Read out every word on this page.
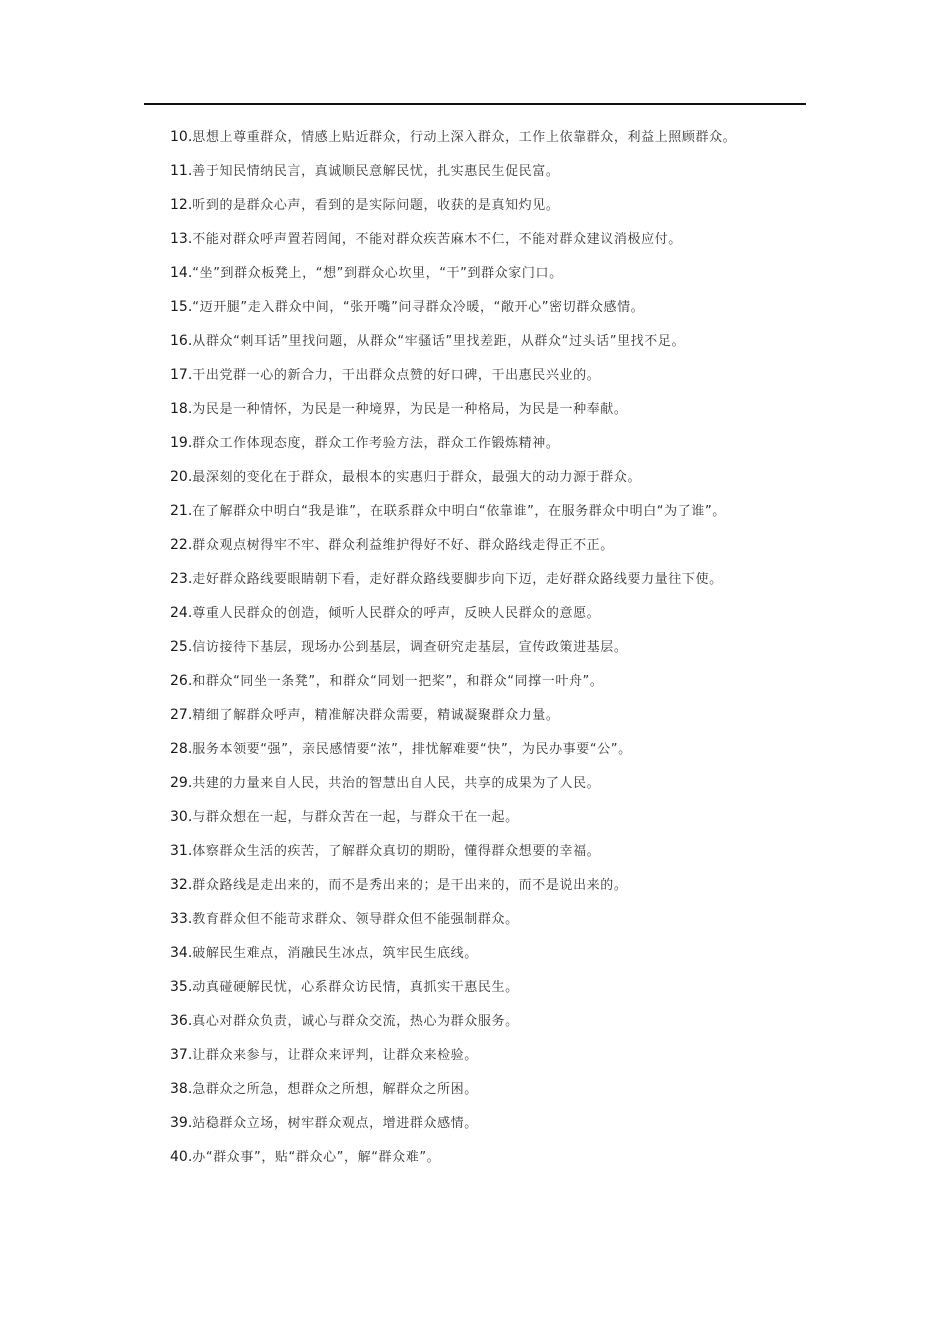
10.思想上尊重群众，情感上贴近群众，行动上深入群众，工作上依靠群众，利益上照顾群众。
11.善于知民情纳民言，真诚顺民意解民忧，扎实惠民生促民富。
12.听到的是群众心声，看到的是实际问题，收获的是真知灼见。
13.不能对群众呼声置若罔闻，不能对群众疾苦麻木不仁，不能对群众建议消极应付。
14.“坐”到群众板凳上，“想”到群众心坎里，“干”到群众家门口。
15.“迈开腿”走入群众中间，“张开嘴”问寻群众冷暖，“敞开心”密切群众感情。
16.从群众“刺耳话”里找问题，从群众“牢骚话”里找差距，从群众“过头话”里找不足。
17.干出党群一心的新合力，干出群众点赞的好口碑，干出惠民兴业的。
18.为民是一种情怀，为民是一种境界，为民是一种格局，为民是一种奉献。
19.群众工作体现态度，群众工作考验方法，群众工作锻炼精神。
20.最深刻的变化在于群众，最根本的实惠归于群众，最强大的动力源于群众。
21.在了解群众中明白“我是谁”，在联系群众中明白“依靠谁”，在服务群众中明白“为了谁”。
22.群众观点树得牢不牢、群众利益维护得好不好、群众路线走得正不正。
23.走好群众路线要眼睛朝下看，走好群众路线要脚步向下迈，走好群众路线要力量往下使。
24.尊重人民群众的创造，倾听人民群众的呼声，反映人民群众的意愿。
25.信访接待下基层，现场办公到基层，调查研究走基层，宣传政策进基层。
26.和群众“同坐一条凳”，和群众“同划一把桨”，和群众“同撑一叶舟”。
27.精细了解群众呼声，精准解决群众需要，精诚凝聚群众力量。
28.服务本领要“强”，亲民感情要“浓”，排忧解难要“快”，为民办事要“公”。
29.共建的力量来自人民，共治的智慧出自人民，共享的成果为了人民。
30.与群众想在一起，与群众苦在一起，与群众干在一起。
31.体察群众生活的疾苦，了解群众真切的期盼，懂得群众想要的幸福。
32.群众路线是走出来的，而不是秀出来的；是干出来的，而不是说出来的。
33.教育群众但不能苛求群众、领导群众但不能强制群众。
34.破解民生难点，消融民生冰点，筑牢民生底线。
35.动真碰硬解民忧，心系群众访民情，真抓实干惠民生。
36.真心对群众负责，诚心与群众交流，热心为群众服务。
37.让群众来参与，让群众来评判，让群众来检验。
38.急群众之所急，想群众之所想，解群众之所困。
39.站稳群众立场，树牢群众观点，增进群众感情。
40.办“群众事”，贴“群众心”，解“群众难”。
